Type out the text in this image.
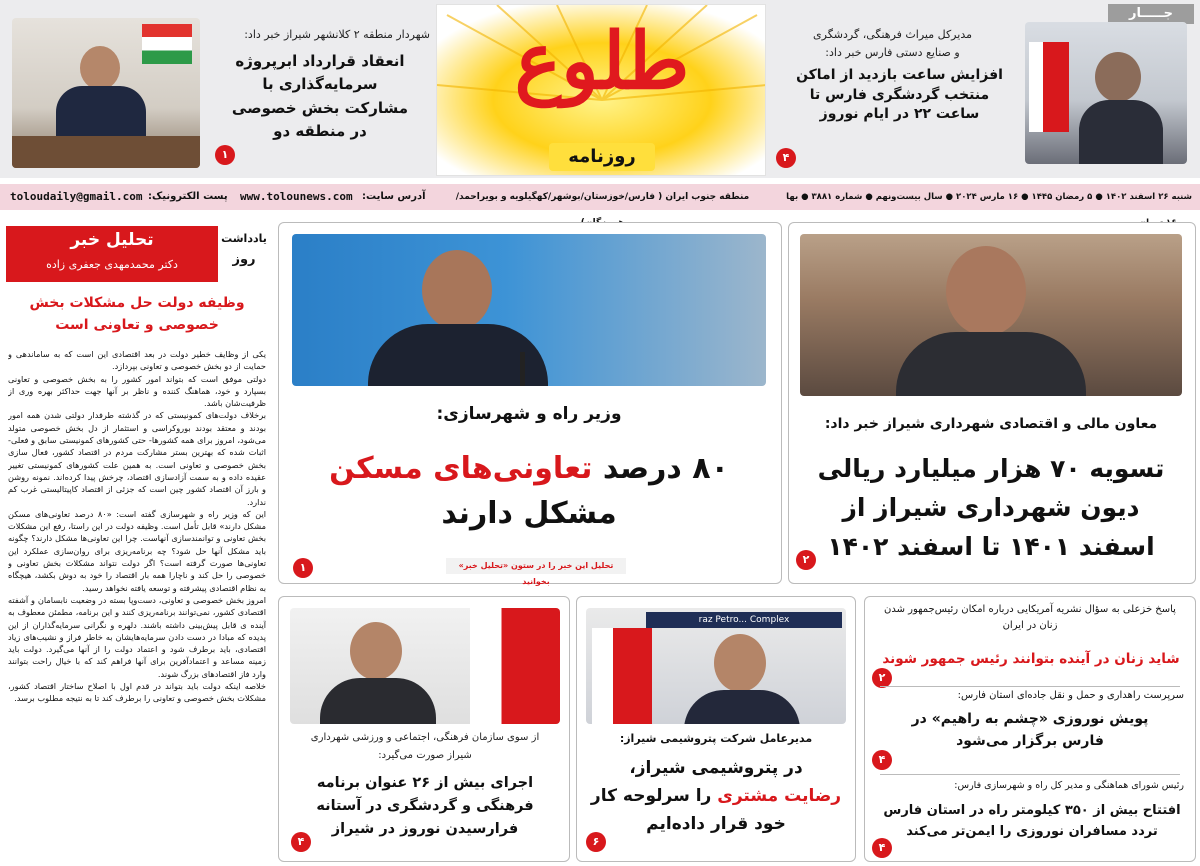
جـــــار
مدیرکل میراث فرهنگی، گردشگری
و صنایع دستی فارس خبر داد:
افزایش ساعت بازدید از اماکن منتخب گردشگری فارس تا ساعت ۲۲ در ایام نوروز
۴
طلوع
روزنامه
شهردار منطقه ۲ کلانشهر شیراز خبر داد:
انعقاد قرارداد ابرپروژه سرمایه‌گذاری با مشارکت بخش خصوصی در منطقه دو
۱
toloudaily@gmail.com پست الکترونیک: www.tolounews.com آدرس سایت:	منطقه جنوب ایران ( فارس/خوزستان/بوشهر/کهگیلویه و بویراحمد/	شنبه ۲۶ اسفند ۱۴۰۲ ● ۵ رمضان ۱۴۴۵ ● ۱۶ مارس ۲۰۲۴ ● سال بیست‌ونهم ● شماره ۳۸۸۱ ● بها
تحلیل خبر
دکتر محمدمهدی جعفری زاده
یادداشت
روز
وظیفه دولت حل مشکلات بخش خصوصی و تعاونی است

یکی از وظایف خطیر دولت در بعد اقتصادی این است که به ساماندهی و حمایت از دو بخش خصوصی و تعاونی بپردازد.

دولتی موفق است که بتواند امور کشور را به بخش خصوصی و تعاونی بسپارد و خود، هماهنگ کننده و ناظر بر آنها جهت حداکثر بهره وری از ظرفیت‌شان باشد.

برخلاف دولت‌های کمونیستی که در گذشته طرفدار دولتی شدن همه امور بودند و معتقد بودند بوروکراسی و استثمار از دل بخش خصوصی متولد می‌شود، امروز برای همه کشورها- حتی کشورهای کمونیستی سابق و فعلی- اثبات شده که بهترین بستر مشارکت مردم در اقتصاد کشور، فعال سازی بخش خصوصی و تعاونی است. به همین علت کشورهای کمونیستی تغییر عقیده داده و به سمت آزادسازی اقتصاد، چرخش پیدا کرده‌اند. نمونه روشن و بارز آن اقتصاد کشور چین است که جزئی از اقتصاد کاپیتالیستی غرب کم ندارد.

این که وزیر راه و شهرسازی گفته است: «۸۰ درصد تعاونی‌های مسکن مشکل دارند» قابل تأمل است. وظیفه دولت در این راستا، رفع این مشکلات بخش تعاونی و توانمندسازی آنهاست. چرا این تعاونی‌ها مشکل دارند؟ چگونه باید مشکل آنها حل شود؟ چه برنامه‌ریزی برای روان‌سازی عملکرد این تعاونی‌ها صورت گرفته است؟ اگر دولت نتواند مشکلات بخش تعاونی و خصوصی را حل کند و ناچارا همه بار اقتصاد را خود به دوش بکشد، هیچگاه به نظام اقتصادی پیشرفته و توسعه یافته نخواهد رسید.

امروز بخش خصوصی و تعاونی، دست‌وپا بسته در وضعیت نابسامان و آشفته اقتصادی کشور، نمی‌توانند برنامه‌ریزی کنند و این برنامه، مطمئن معطوف به آینده ی قابل پیش‌بینی داشته باشند. دلهره و نگرانی سرمایه‌گذاران از این پدیده که مبادا در دست دادن سرمایه‌هایشان به خاطر فراز و نشیب‌های زیاد اقتصادی، باید برطرف شود و اعتماد دولت را از آنها می‌گیرد. دولت باید زمینه مساعد و اعتمادآفرین برای آنها فراهم کند که با خیال راحت بتوانند وارد فاز اقتصادهای بزرگ شوند.

خلاصه اینکه دولت باید بتواند در قدم اول با اصلاح ساختار اقتصاد کشور، مشکلات بخش خصوصی و تعاونی را برطرف کند تا به نتیجه مطلوب برسد.

وزیر راه و شهرسازی:
۸۰ درصد تعاونی‌های مسکن
مشکل دارند
تحلیل این خبر را در ستون «تحلیل خبر» بخوانید
۱
معاون مالی و اقتصادی شهرداری شیراز خبر داد:
تسویه ۷۰ هزار میلیارد ریالی دیون شهرداری شیراز از اسفند ۱۴۰۱ تا اسفند ۱۴۰۲
۲
از سوی سازمان فرهنگی، اجتماعی و ورزشی شهرداری
شیراز صورت می‌گیرد:
اجرای بیش از ۲۶ عنوان برنامه فرهنگی و گردشگری در آستانه فرارسیدن نوروز در شیراز
۴
raz Petro... Complex
مدیرعامل شرکت پتروشیمی شیراز:
در پتروشیمی شیراز،
رضایت مشتری را سرلوحه کار
خود قرار داده‌ایم
۶
پاسخ خزعلی به سؤال نشریه آمریکایی درباره امکان رئیس‌جمهور شدن زنان در ایران
شاید زنان در آینده بتوانند رئیس جمهور شوند
۲
سرپرست راهداری و حمل و نقل جاده‌ای استان فارس:
پویش نوروزی «چشم به راهیم» در فارس برگزار می‌شود
۴
رئیس شورای هماهنگی و مدیر کل راه و شهرسازی فارس:
افتتاح بیش از ۳۵۰ کیلومتر راه در استان فارس تردد مسافران نوروزی را ایمن‌تر می‌کند
۴
